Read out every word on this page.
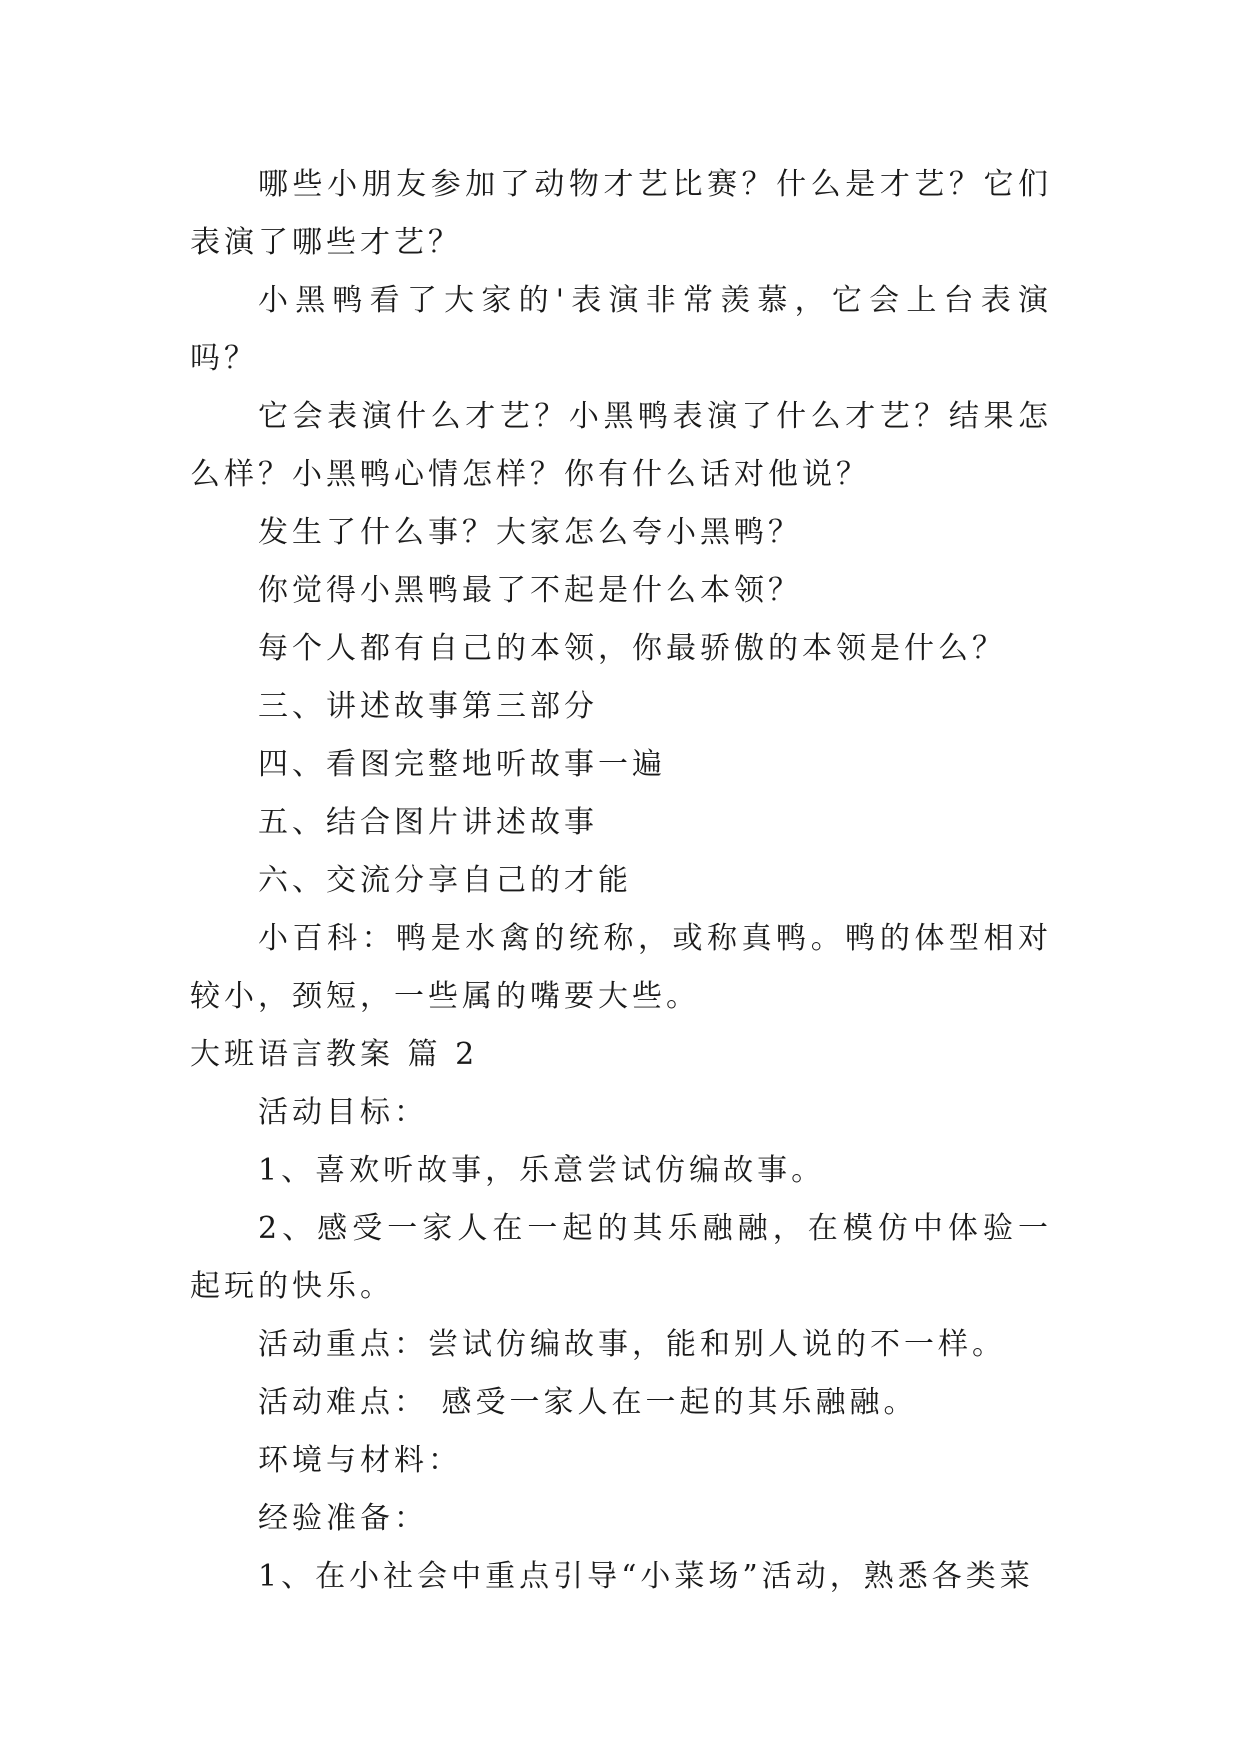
哪些小朋友参加了动物才艺比赛？什么是才艺？它们表演了哪些才艺？

小黑鸭看了大家的'表演非常羡慕，它会上台表演吗？

它会表演什么才艺？小黑鸭表演了什么才艺？结果怎么样？小黑鸭心情怎样？你有什么话对他说？

发生了什么事？大家怎么夸小黑鸭？

你觉得小黑鸭最了不起是什么本领？

每个人都有自己的本领，你最骄傲的本领是什么？

三、讲述故事第三部分

四、看图完整地听故事一遍

五、结合图片讲述故事

六、交流分享自己的才能

小百科：鸭是水禽的统称，或称真鸭。鸭的体型相对较小，颈短，一些属的嘴要大些。

大班语言教案 篇 2

活动目标：

1、喜欢听故事，乐意尝试仿编故事。

2、感受一家人在一起的其乐融融，在模仿中体验一起玩的快乐。

活动重点：尝试仿编故事，能和别人说的不一样。

活动难点： 感受一家人在一起的其乐融融。

环境与材料：

经验准备：

1、在小社会中重点引导“小菜场”活动，熟悉各类菜
